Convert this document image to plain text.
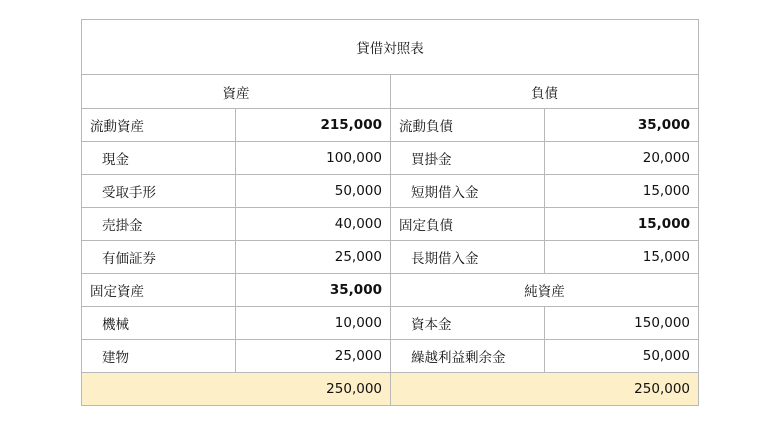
貸借対照表			
資産		負債	
流動資産	215,000	流動負債	35,000
現金	100,000	買掛金	20,000
受取手形	50,000	短期借入金	15,000
売掛金	40,000	固定負債	15,000
有価証券	25,000	長期借入金	15,000
固定資産	35,000	純資産	
機械	10,000	資本金	150,000
建物	25,000	繰越利益剰余金	50,000
250,000		250,000	
